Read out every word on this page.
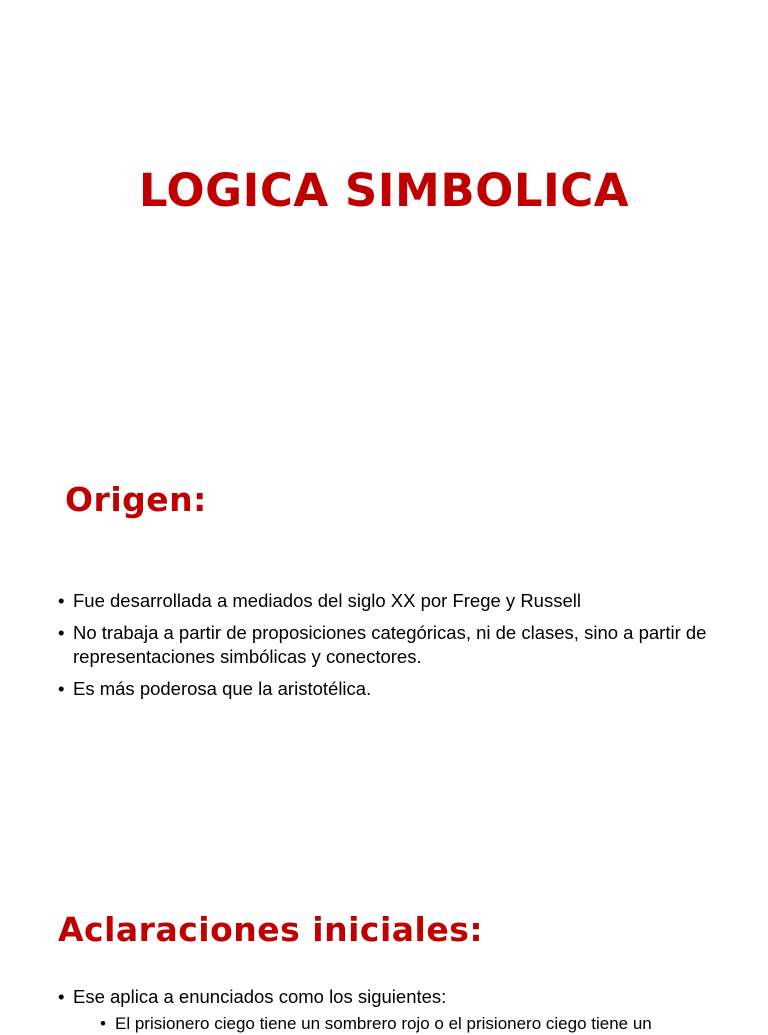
LOGICA SIMBOLICA
Origen:
• Fue desarrollada a mediados del siglo XX por Frege y Russell
• No trabaja a partir de proposiciones categóricas, ni de clases, sino a partir de representaciones simbólicas y conectores.
• Es más poderosa que la aristotélica.
Aclaraciones iniciales:
• Ese aplica a enunciados como los siguientes:
• El prisionero ciego tiene un sombrero rojo o el prisionero ciego tiene un
